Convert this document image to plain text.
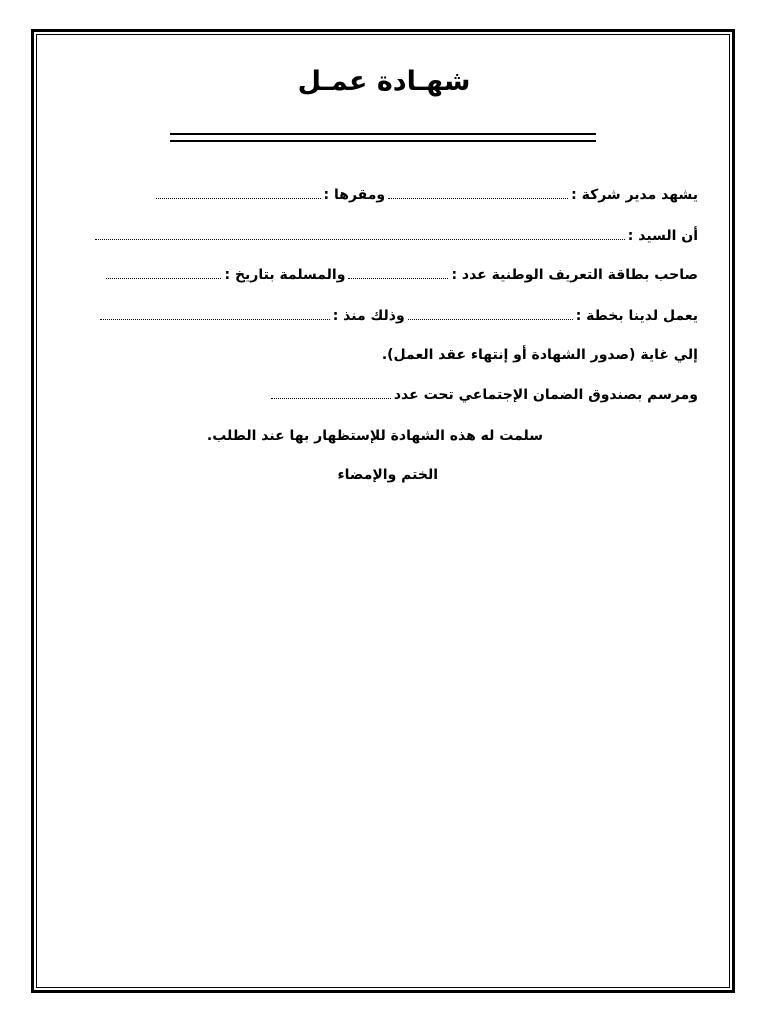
شهـادة عمـل
يشهد مدير شركة :ومقرها :
أن السيد :
صاحب بطاقة التعريف الوطنية عدد :والمسلمة بتاريخ :
يعمل لدينا بخطة :وذلك منذ :
إلي غاية (صدور الشهادة أو إنتهاء عقد العمل).
ومرسم بصندوق الضمان الإجتماعي تحت عدد
سلمت له هذه الشهادة للإستظهار بها عند الطلب.
الختم والإمضاء
